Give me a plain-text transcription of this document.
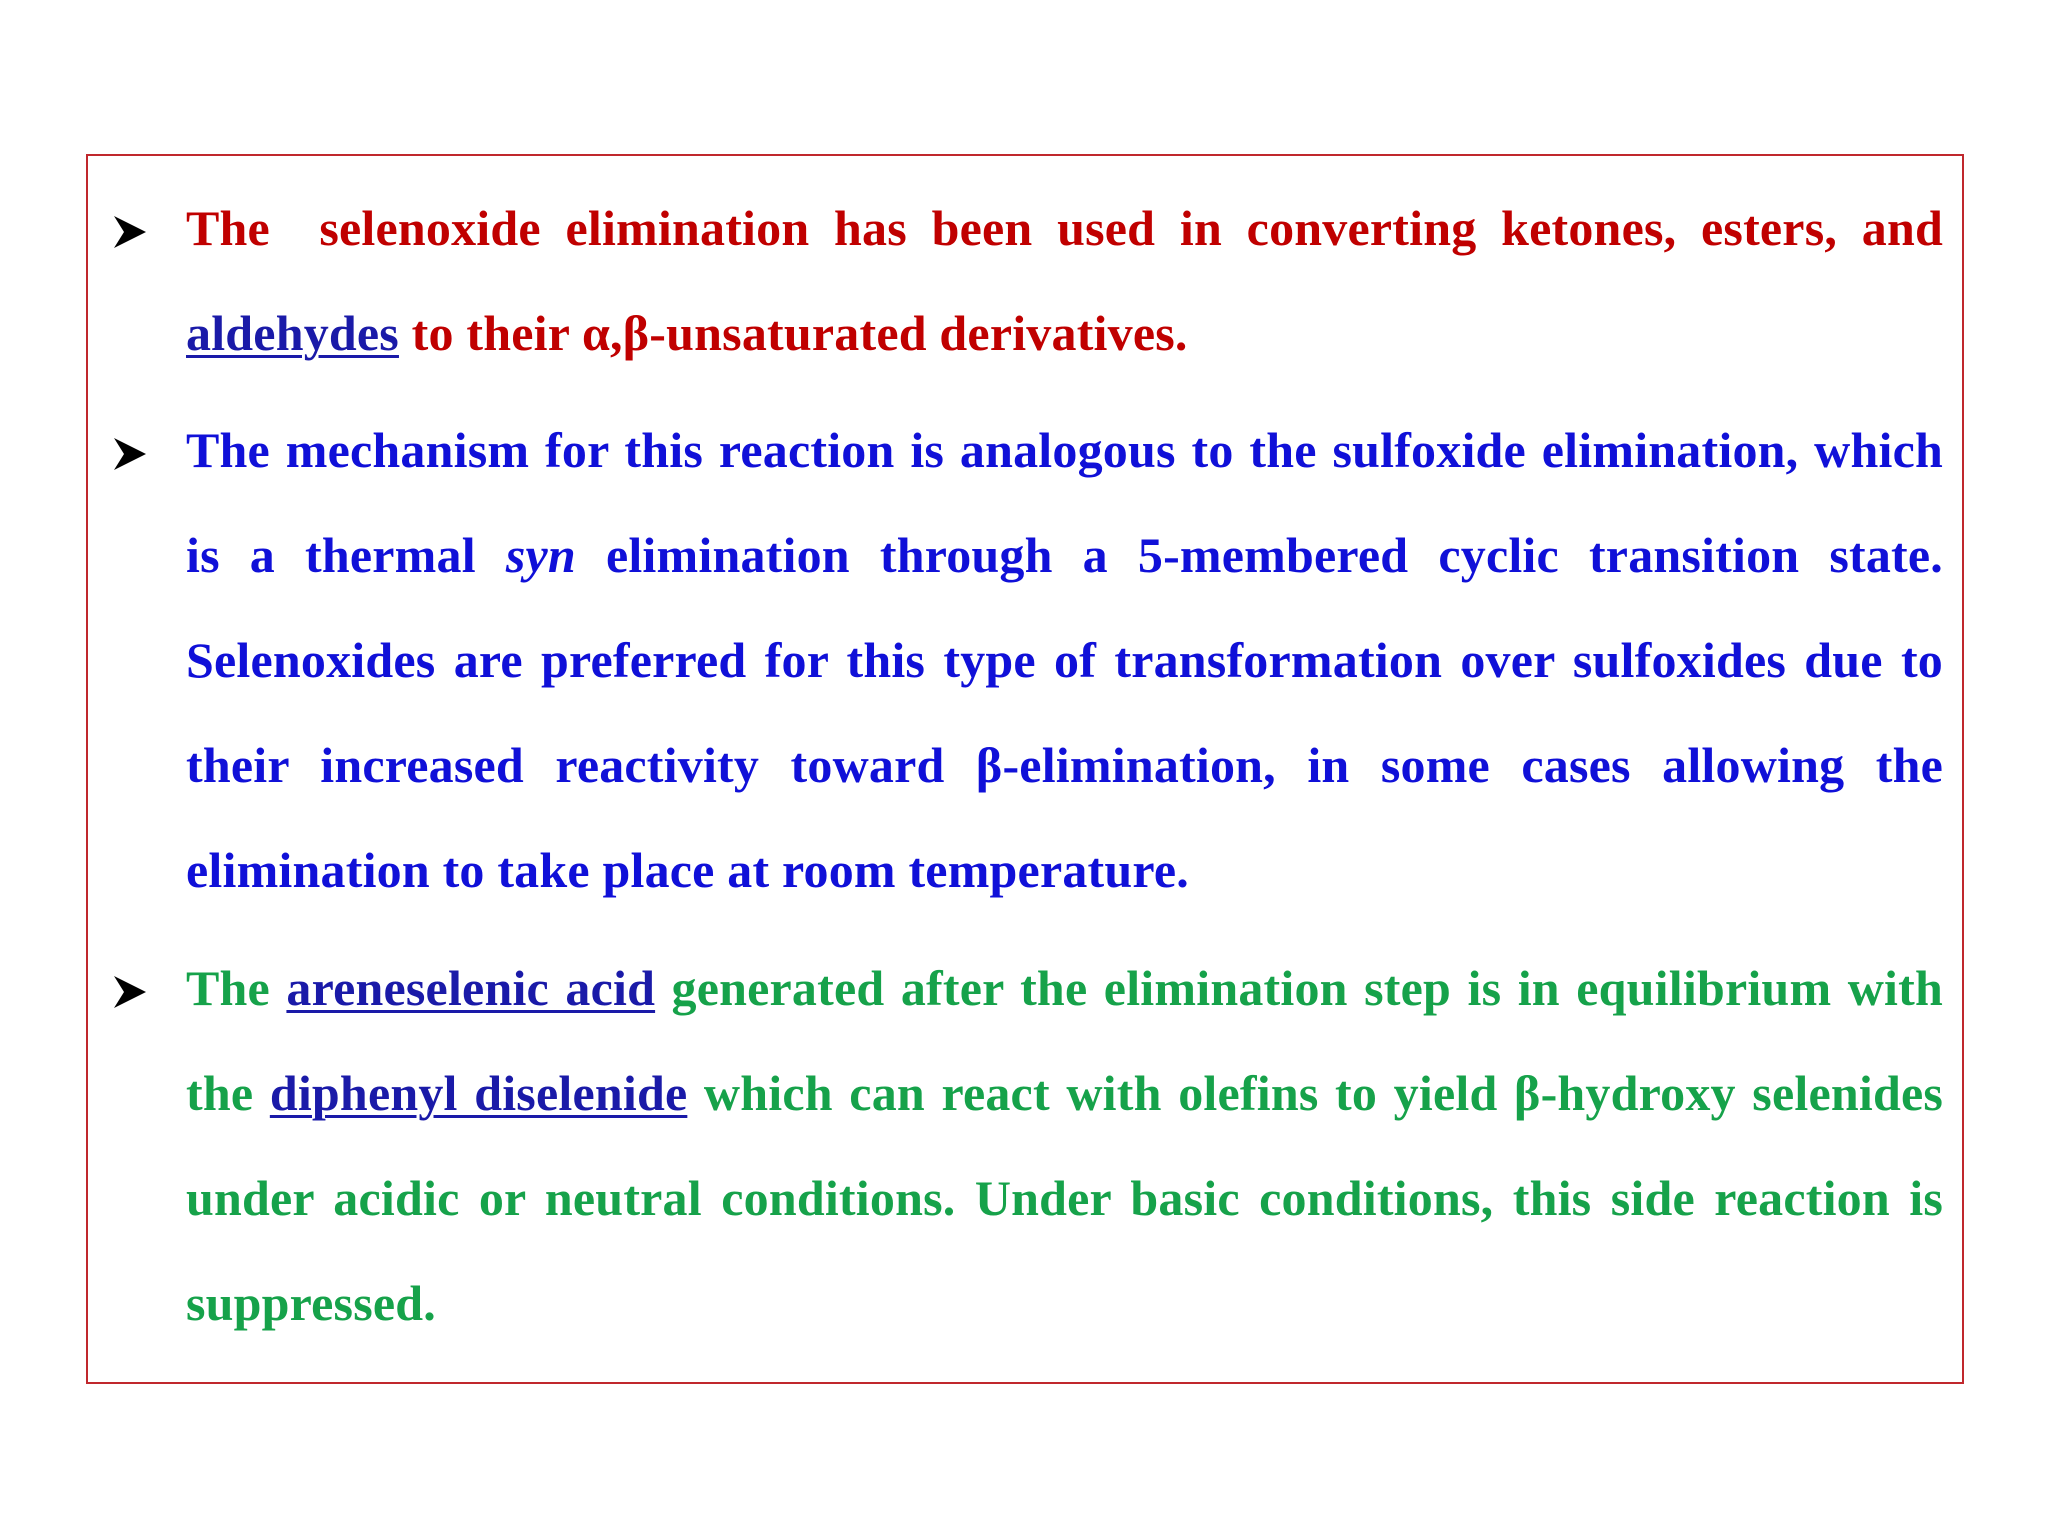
The  selenoxide elimination has been used in converting ketones, esters, and aldehydes to their α,β-unsaturated derivatives.
The mechanism for this reaction is analogous to the sulfoxide elimination, which is a thermal syn elimination through a 5-membered cyclic transition state. Selenoxides are preferred for this type of transformation over sulfoxides due to their increased reactivity toward β-elimination, in some cases allowing the elimination to take place at room temperature.
The areneselenic acid generated after the elimination step is in equilibrium with the diphenyl diselenide which can react with olefins to yield β-hydroxy selenides under acidic or neutral conditions. Under basic conditions, this side reaction is suppressed.
